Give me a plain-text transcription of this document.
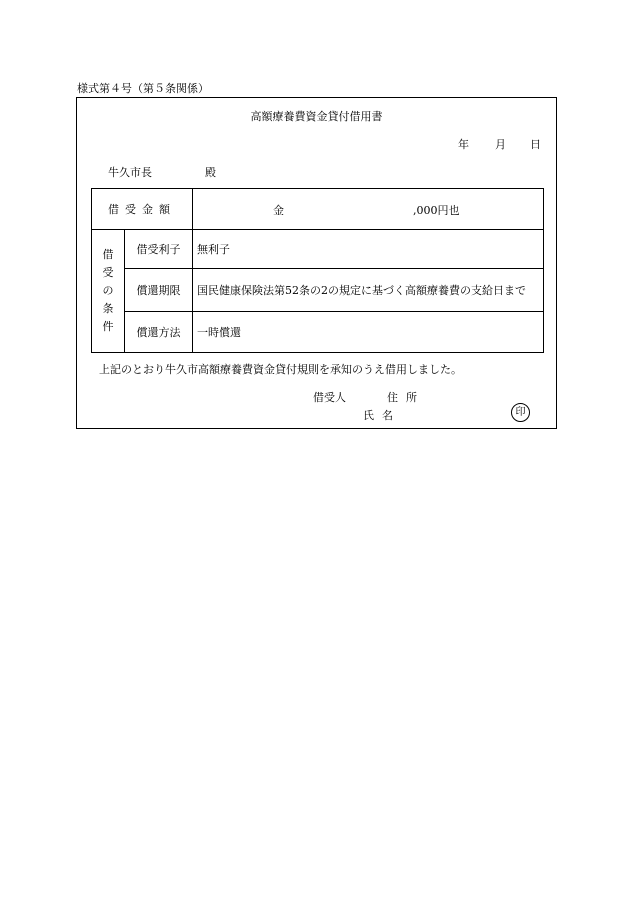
様式第４号（第５条関係）
高額療養費資金貸付借用書
年 月 日
牛久市長	殿
借受金額		金 ,000円也

借
受
の
条
件	借受利子	無利子
	償還期限	国民健康保険法第52条の2の規定に基づく高額療養費の支給日まで
	償還方法	一時償還
上記のとおり牛久市高額療養費資金貸付規則を承知のうえ借用しました。
借受人	住所
氏名	印
